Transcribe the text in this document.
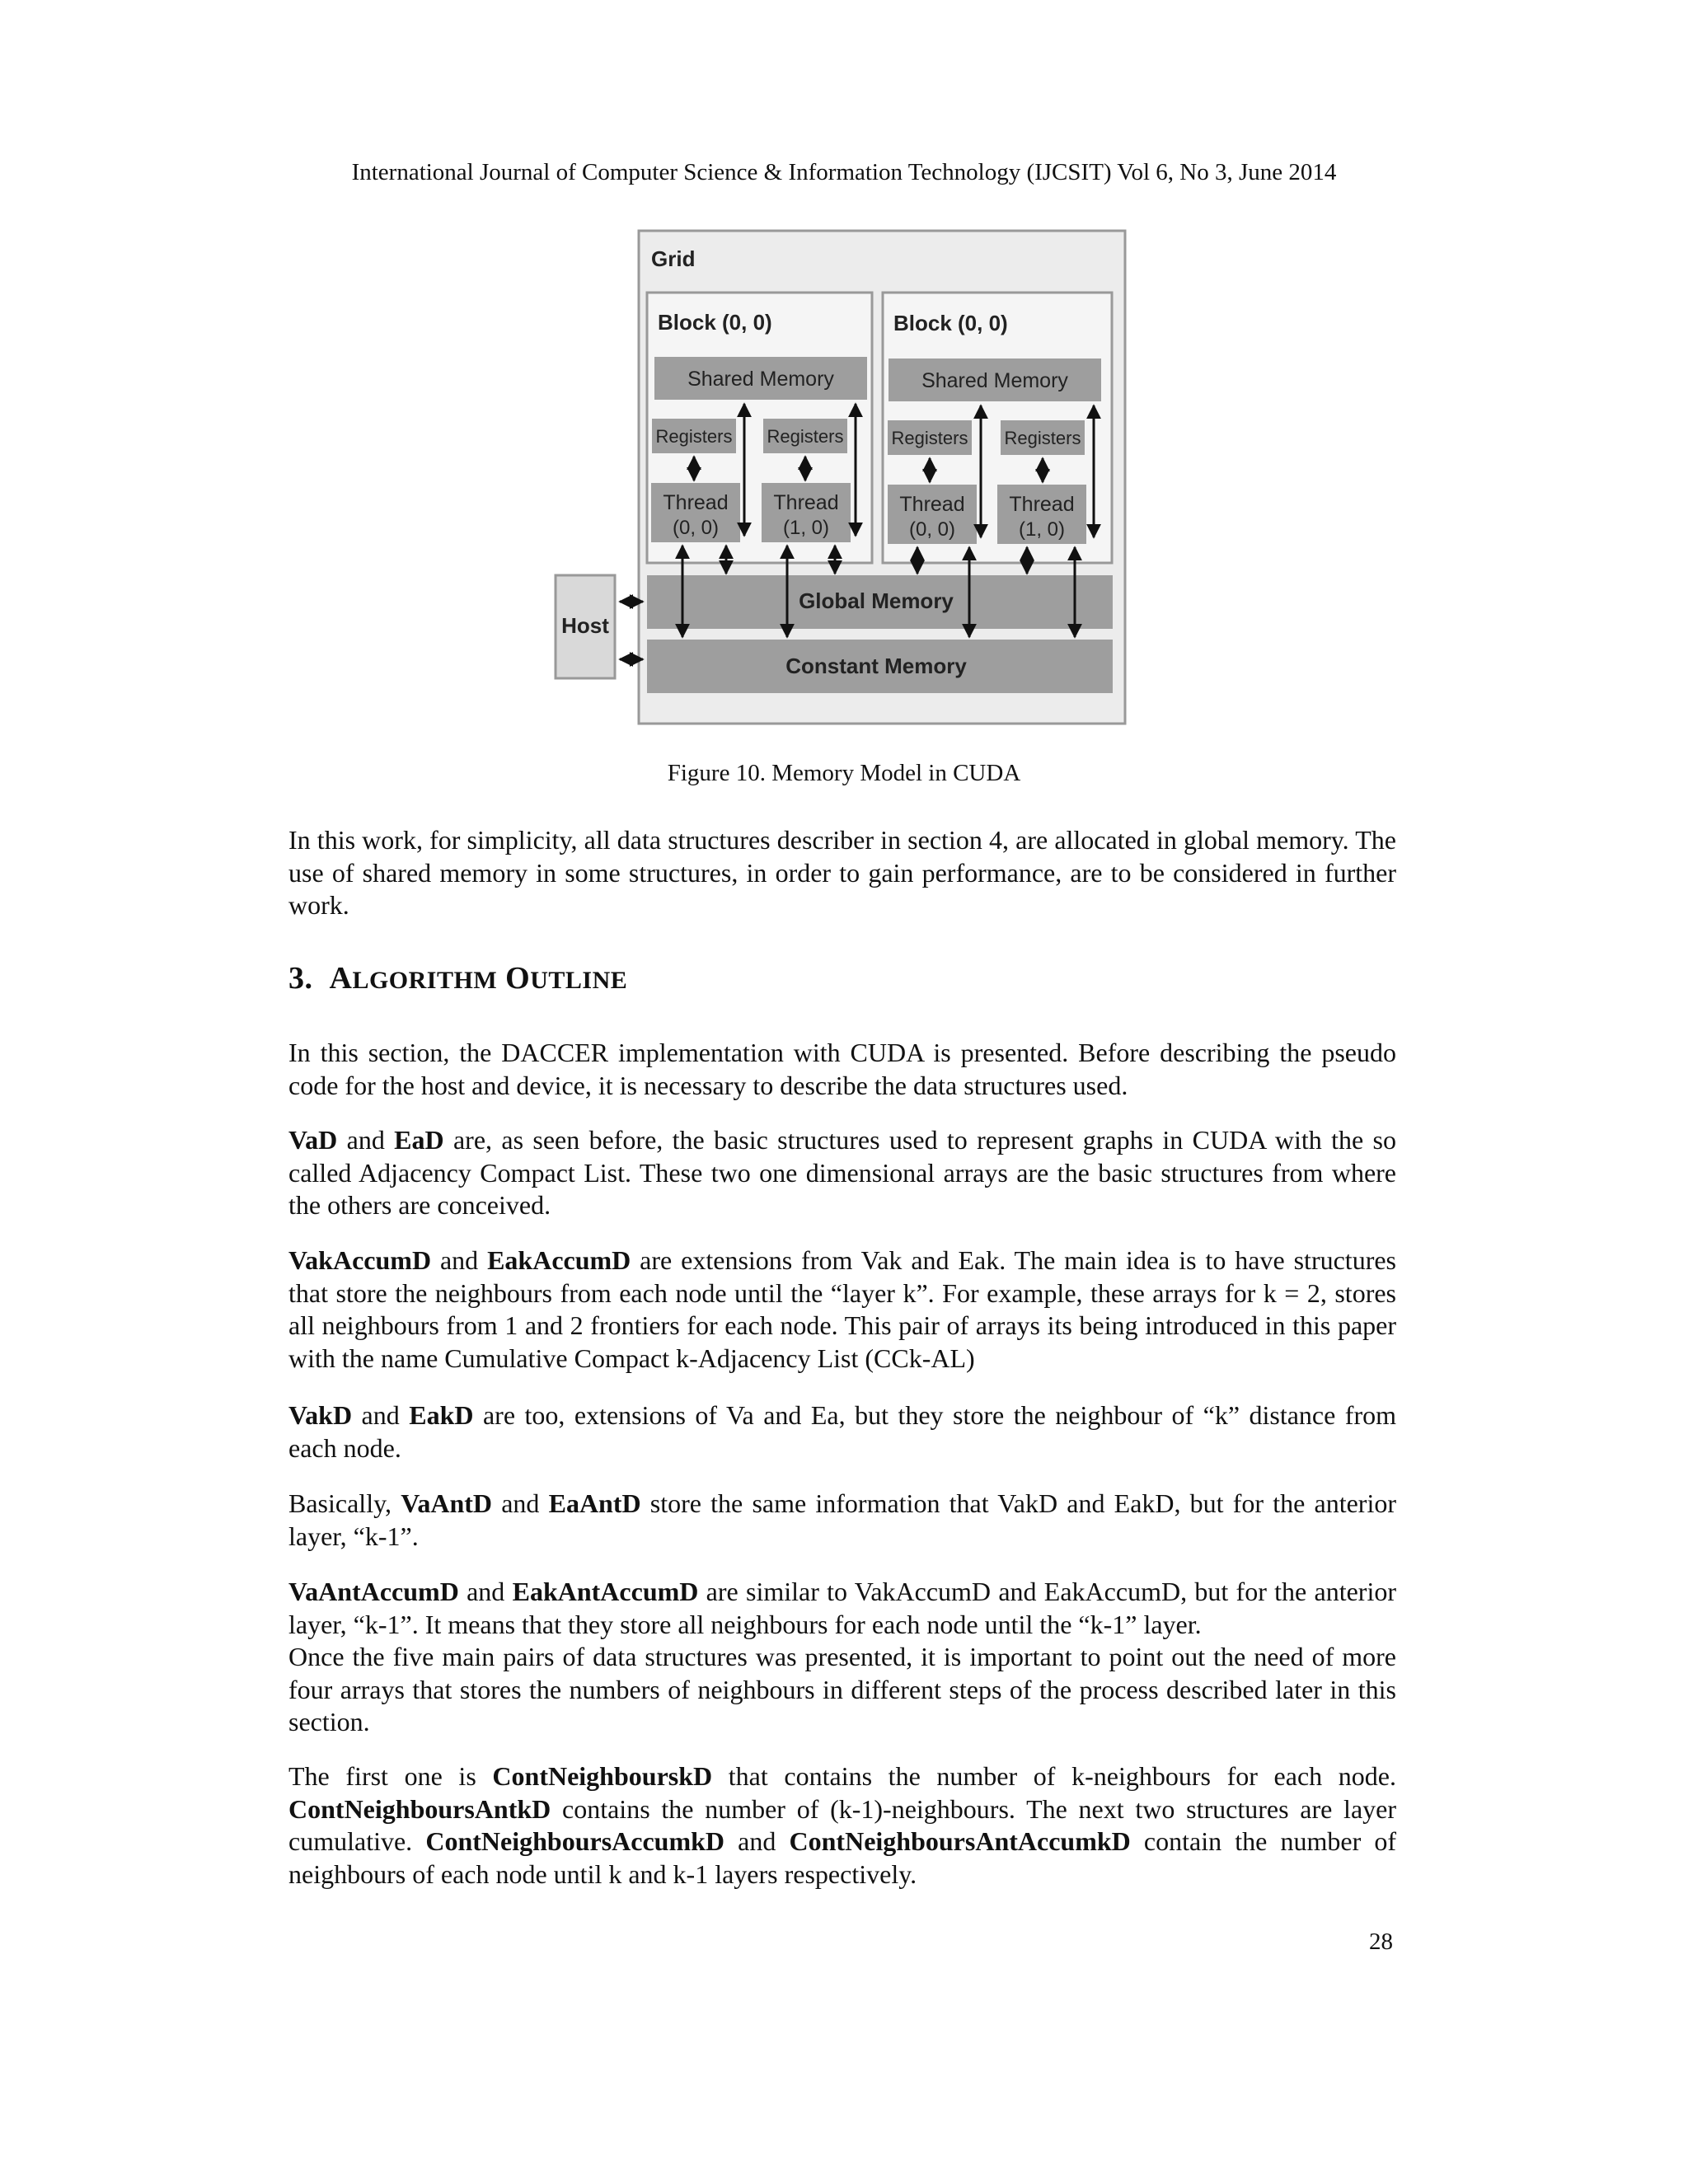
International Journal of Computer Science & Information Technology (IJCSIT) Vol 6, No 3, June 2014
Grid
Block (0, 0)
Shared Memory
Registers Registers
Thread
(0, 0)
Thread
(1, 0)
Block (0, 0)
Shared Memory
Registers Registers
Thread
(0, 0)
Thread
(1, 0)
Global Memory
Constant Memory
Host
Figure 10. Memory Model in CUDA

In this work, for simplicity, all data structures describer in section 4, are allocated in global memory. The use of shared memory in some structures, in order to gain performance, are to be considered in further work.

3. ALGORITHM OUTLINE

In this section, the DACCER implementation with CUDA is presented. Before describing the pseudo code for the host and device, it is necessary to describe the data structures used.

VaD and EaD are, as seen before, the basic structures used to represent graphs in CUDA with the so called Adjacency Compact List. These two one dimensional arrays are the basic structures from where the others are conceived.

VakAccumD and EakAccumD are extensions from Vak and Eak. The main idea is to have structures that store the neighbours from each node until the “layer k”. For example, these arrays for k = 2, stores all neighbours from 1 and 2 frontiers for each node. This pair of arrays its being introduced in this paper with the name Cumulative Compact k-Adjacency List (CCk-AL)

VakD and EakD are too, extensions of Va and Ea, but they store the neighbour of “k” distance from each node.

Basically, VaAntD and EaAntD store the same information that VakD and EakD, but for the anterior layer, “k-1”.

VaAntAccumD and EakAntAccumD are similar to VakAccumD and EakAccumD, but for the anterior layer, “k-1”. It means that they store all neighbours for each node until the “k-1” layer.

Once the five main pairs of data structures was presented, it is important to point out the need of more four arrays that stores the numbers of neighbours in different steps of the process described later in this section.

The first one is ContNeighbourskD that contains the number of k-neighbours for each node. ContNeighboursAntkD contains the number of (k-1)-neighbours. The next two structures are layer cumulative. ContNeighboursAccumkD and ContNeighboursAntAccumkD contain the number of neighbours of each node until k and k-1 layers respectively.

28
